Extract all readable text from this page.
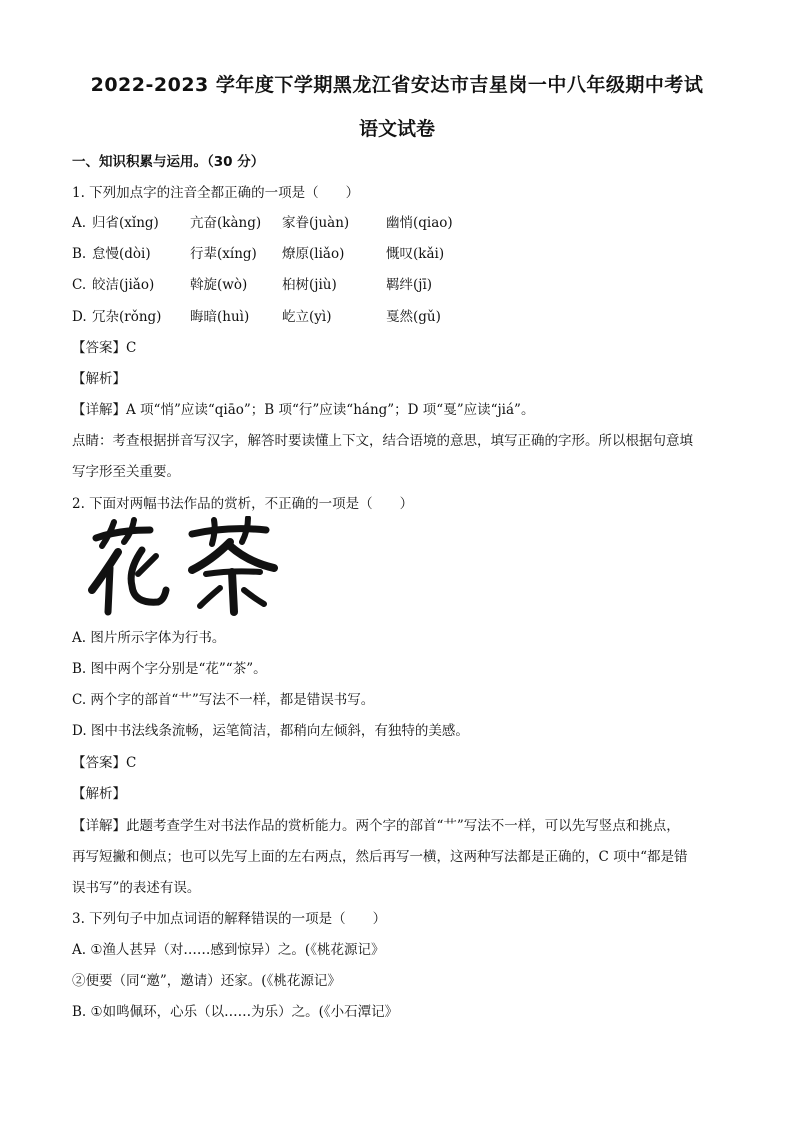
2022-2023 学年度下学期黑龙江省安达市吉星岗一中八年级期中考试
语文试卷
一、知识积累与运用。（30 分）
1. 下列加点字的注音全都正确的一项是（　　）
A. 归省(xǐng) 亢奋(kàng) 家眷(juàn)	幽悄(qiao)
B. 怠慢(dòi)	行辈(xíng) 燎原(liǎo)	慨叹(kǎi)
C. 皎洁(jiǎo)	斡旋(wò)	桕树(jiù)	羁绊(jī)
D. 冗杂(rǒng) 晦暗(huì) 屹立(yì)	戛然(gǔ)
【答案】C
【解析】
【详解】A 项“悄”应读“qiāo”；B 项“行”应读“háng”；D 项“戛”应读“jiá”。
点睛：考查根据拼音写汉字，解答时要读懂上下文，结合语境的意思，填写正确的字形。所以根据句意填
写字形至关重要。
2. 下面对两幅书法作品的赏析，不正确的一项是（　　）
A. 图片所示字体为行书。
B. 图中两个字分别是“花”“茶”。
C. 两个字的部首“艹”写法不一样，都是错误书写。
D. 图中书法线条流畅，运笔简洁，都稍向左倾斜，有独特的美感。
【答案】C
【解析】
【详解】此题考查学生对书法作品的赏析能力。两个字的部首“艹”写法不一样，可以先写竖点和挑点，
再写短撇和侧点；也可以先写上面的左右两点，然后再写一横，这两种写法都是正确的，C 项中“都是错
误书写”的表述有误。
3. 下列句子中加点词语的解释错误的一项是（　　）
A. ①渔人甚异（对……感到惊异）之。(《桃花源记》
②便要（同“邀”，邀请）还家。(《桃花源记》
B. ①如鸣佩环，心乐（以……为乐）之。(《小石潭记》
